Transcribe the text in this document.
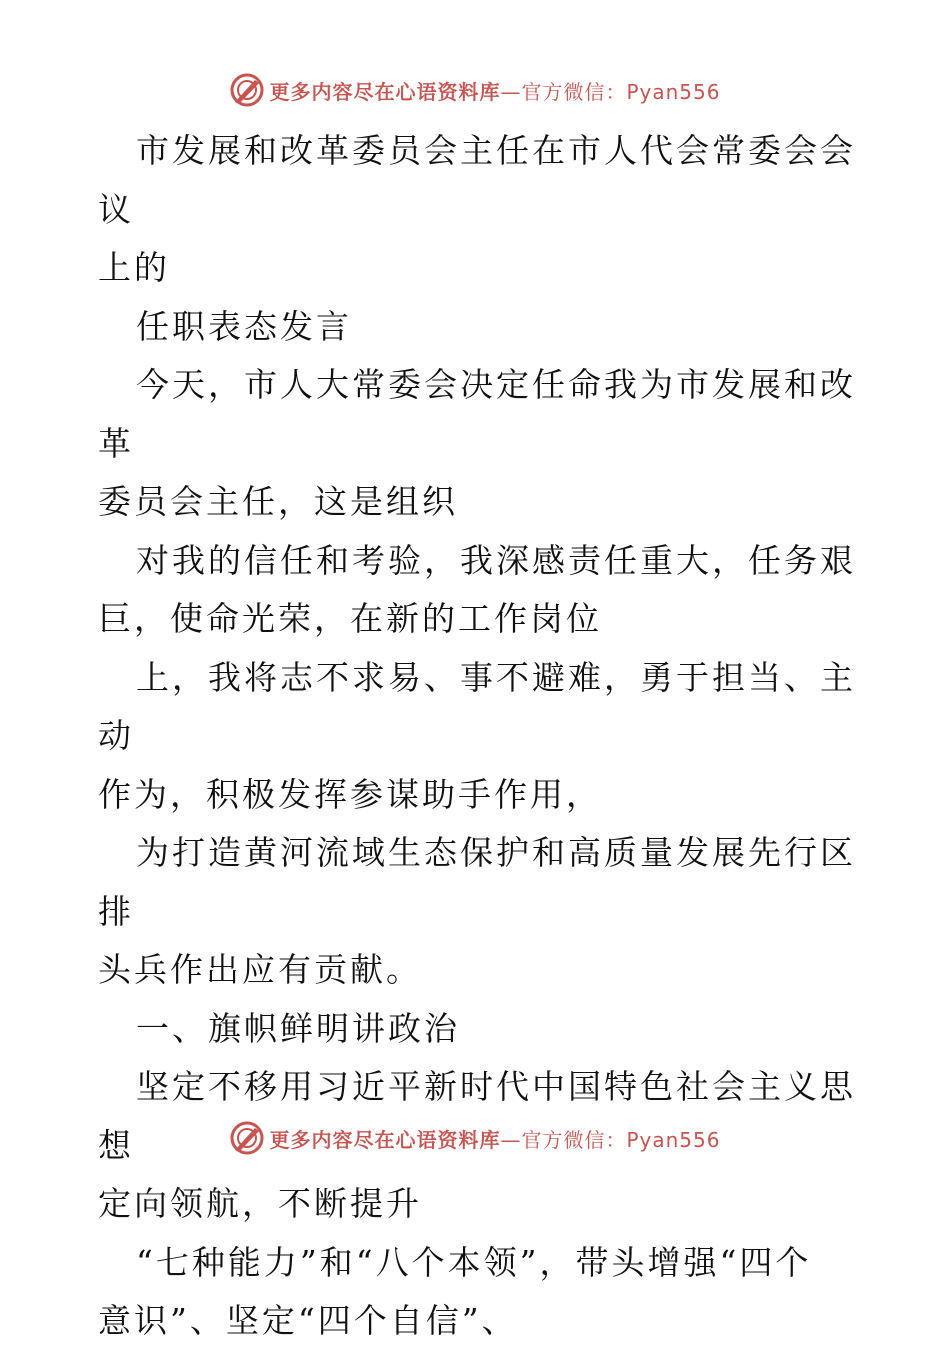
更多内容尽在心语资料库—官方微信：Pyan556

市发展和改革委员会主任在市人代会常委会会议

上的

任职表态发言

今天，市人大常委会决定任命我为市发展和改革

委员会主任，这是组织

对我的信任和考验，我深感责任重大，任务艰

巨，使命光荣，在新的工作岗位

上，我将志不求易、事不避难，勇于担当、主动

作为，积极发挥参谋助手作用，

为打造黄河流域生态保护和高质量发展先行区排

头兵作出应有贡献。

一、旗帜鲜明讲政治

坚定不移用习近平新时代中国特色社会主义思想

定向领航，不断提升

“七种能力”和“八个本领”，带头增强“四个

意识”、坚定“四个自信”、

更多内容尽在心语资料库—官方微信：Pyan556
